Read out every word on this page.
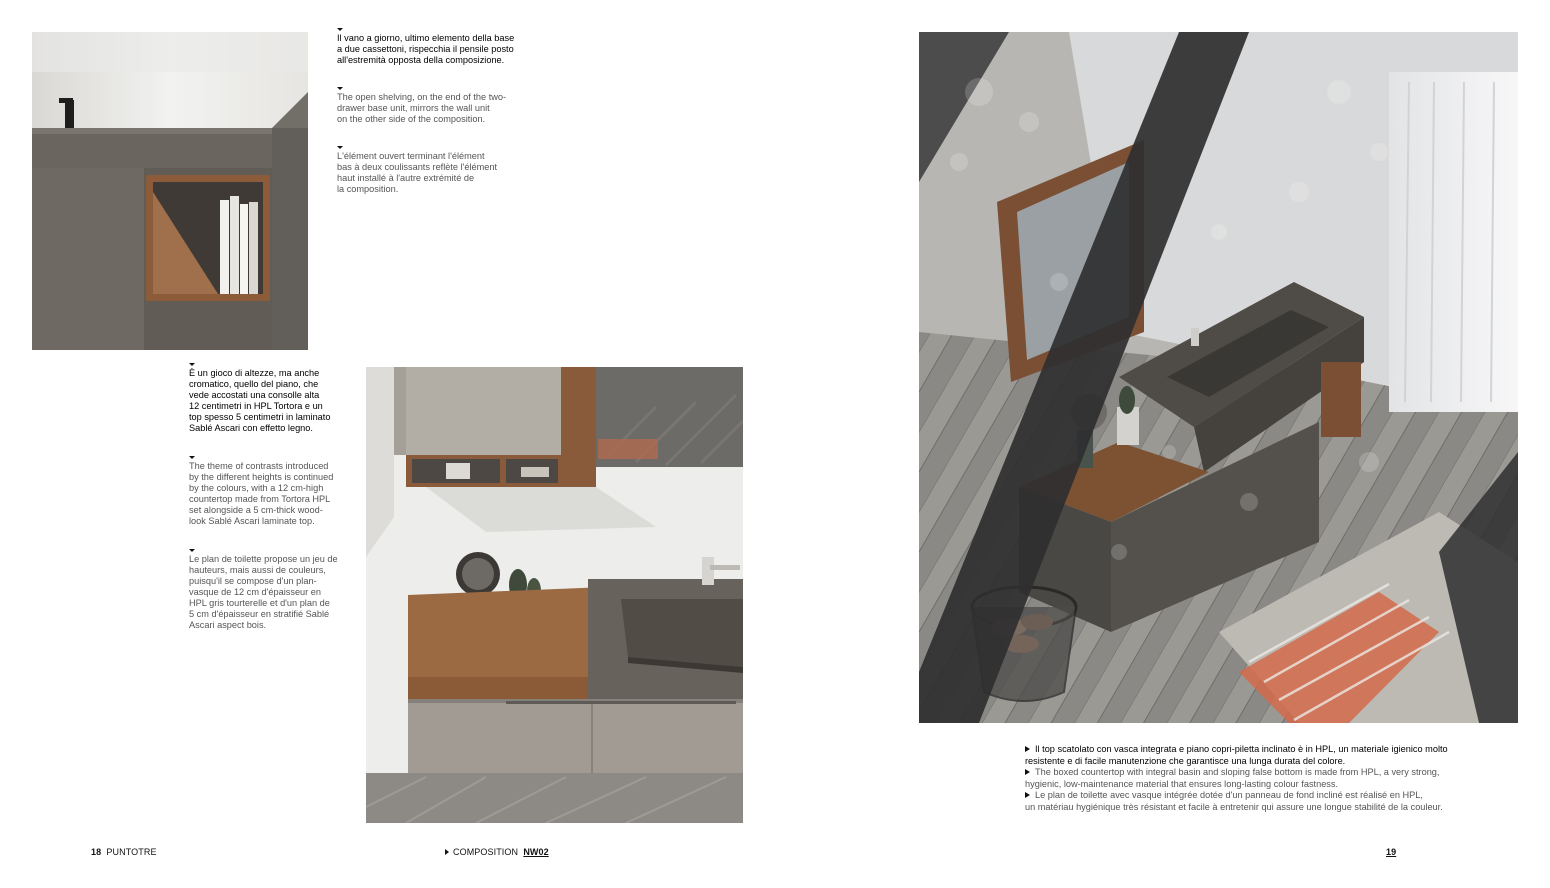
Il vano a giorno, ultimo elemento della base
a due cassettoni, rispecchia il pensile posto
all'estremità opposta della composizione.

The open shelving, on the end of the two-
drawer base unit, mirrors the wall unit
on the other side of the composition.

L'élément ouvert terminant l'élément
bas à deux coulissants reflète l'élément
haut installé à l'autre extrémité de
la composition.

È un gioco di altezze, ma anche
cromatico, quello del piano, che
vede accostati una consolle alta
12 centimetri in HPL Tortora e un
top spesso 5 centimetri in laminato
Sablé Ascari con effetto legno.

The theme of contrasts introduced
by the different heights is continued
by the colours, with a 12 cm-high
countertop made from Tortora HPL
set alongside a 5 cm-thick wood-
look Sablé Ascari laminate top.

Le plan de toilette propose un jeu de
hauteurs, mais aussi de couleurs,
puisqu'il se compose d'un plan-
vasque de 12 cm d'épaisseur en
HPL gris tourterelle et d'un plan de
5 cm d'épaisseur en stratifié Sablé
Ascari aspect bois.

Il top scatolato con vasca integrata e piano copri-piletta inclinato è in HPL, un materiale igienico molto
resistente e di facile manutenzione che garantisce una lunga durata del colore.

The boxed countertop with integral basin and sloping false bottom is made from HPL, a very strong,
hygienic, low-maintenance material that ensures long-lasting colour fastness.

Le plan de toilette avec vasque intégrée dotée d'un panneau de fond incliné est réalisé en HPL,
un matériau hygiénique très résistant et facile à entretenir qui assure une longue stabilité de la couleur.

18 PUNTOTRE	COMPOSITION NW02	19
